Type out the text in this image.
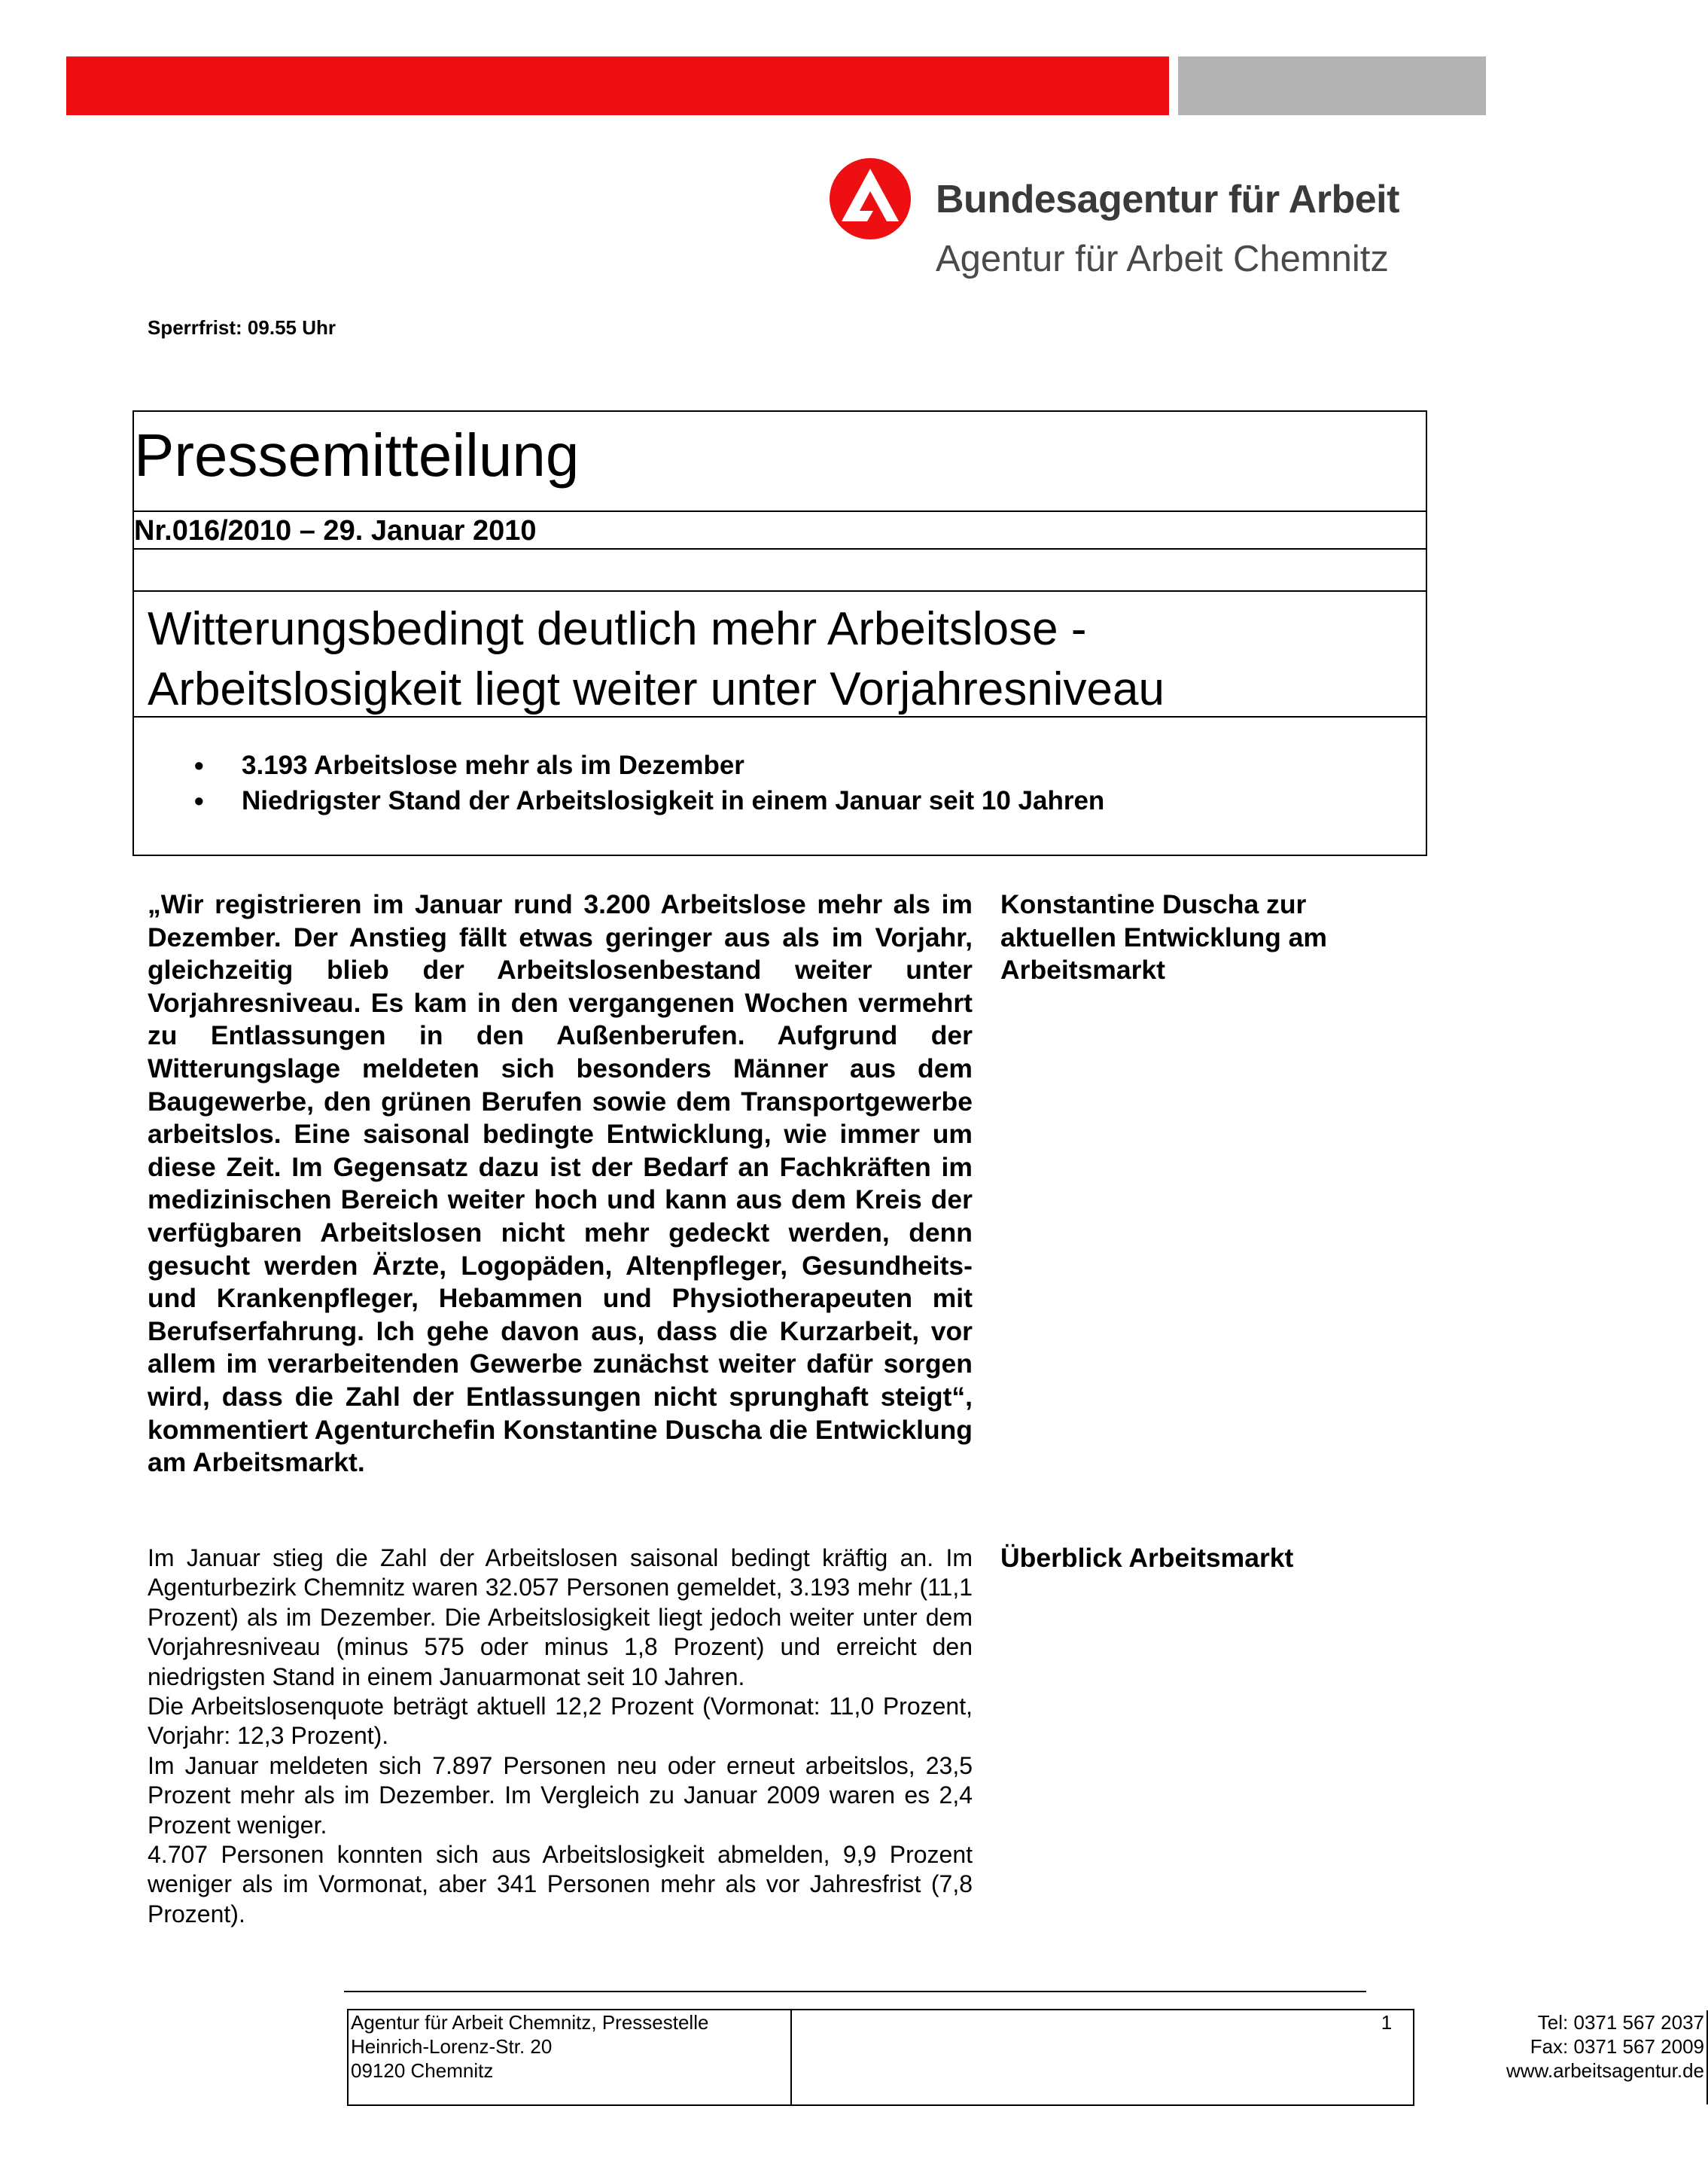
Bundesagentur für Arbeit
Agentur für Arbeit Chemnitz
Sperrfrist: 09.55 Uhr
Pressemitteilung
Nr.016/2010 – 29. Januar 2010
Witterungsbedingt deutlich mehr Arbeitslose -
Arbeitslosigkeit liegt weiter unter Vorjahresniveau
• 3.193 Arbeitslose mehr als im Dezember
• Niedrigster Stand der Arbeitslosigkeit in einem Januar seit 10 Jahren

„Wir registrieren im Januar rund 3.200 Arbeitslose mehr als im Dezember. Der Anstieg fällt etwas geringer aus als im Vorjahr, gleichzeitig blieb der Arbeitslosenbestand weiter unter Vorjahresniveau. Es kam in den vergangenen Wochen vermehrt zu Entlassungen in den Außenberufen. Aufgrund der Witterungslage meldeten sich besonders Männer aus dem Baugewerbe, den grünen Berufen sowie dem Transportgewerbe arbeitslos. Eine saisonal bedingte Entwicklung, wie immer um diese Zeit. Im Gegensatz dazu ist der Bedarf an Fachkräften im medizinischen Bereich weiter hoch und kann aus dem Kreis der verfügbaren Arbeitslosen nicht mehr gedeckt werden, denn gesucht werden Ärzte, Logopäden, Altenpfleger, Gesundheits- und Krankenpfleger, Hebammen und Physiotherapeuten mit Berufserfahrung. Ich gehe davon aus, dass die Kurzarbeit, vor allem im verarbeitenden Gewerbe zunächst weiter dafür sorgen wird, dass die Zahl der Entlassungen nicht sprunghaft steigt“, kommentiert Agenturchefin Konstantine Duscha die Entwicklung am Arbeitsmarkt.

Konstantine Duscha zur
aktuellen Entwicklung am
Arbeitsmarkt

Im Januar stieg die Zahl der Arbeitslosen saisonal bedingt kräftig an. Im Agenturbezirk Chemnitz waren 32.057 Personen gemeldet, 3.193 mehr (11,1 Prozent) als im Dezember. Die Arbeitslosigkeit liegt jedoch weiter unter dem Vorjahresniveau (minus 575 oder minus 1,8 Prozent) und erreicht den niedrigsten Stand in einem Januarmonat seit 10 Jahren.

Die Arbeitslosenquote beträgt aktuell 12,2 Prozent (Vormonat: 11,0 Prozent, Vorjahr: 12,3 Prozent).

Im Januar meldeten sich 7.897 Personen neu oder erneut arbeitslos, 23,5 Prozent mehr als im Dezember. Im Vergleich zu Januar 2009 waren es 2,4 Prozent weniger.

4.707 Personen konnten sich aus Arbeitslosigkeit abmelden, 9,9 Prozent weniger als im Vormonat, aber 341 Personen mehr als vor Jahresfrist (7,8 Prozent).

Überblick Arbeitsmarkt
Agentur für Arbeit Chemnitz, Pressestelle
Heinrich-Lorenz-Str. 20
09120 Chemnitz
Tel: 0371 567 2037
Fax: 0371 567 2009
www.arbeitsagentur.de
1
